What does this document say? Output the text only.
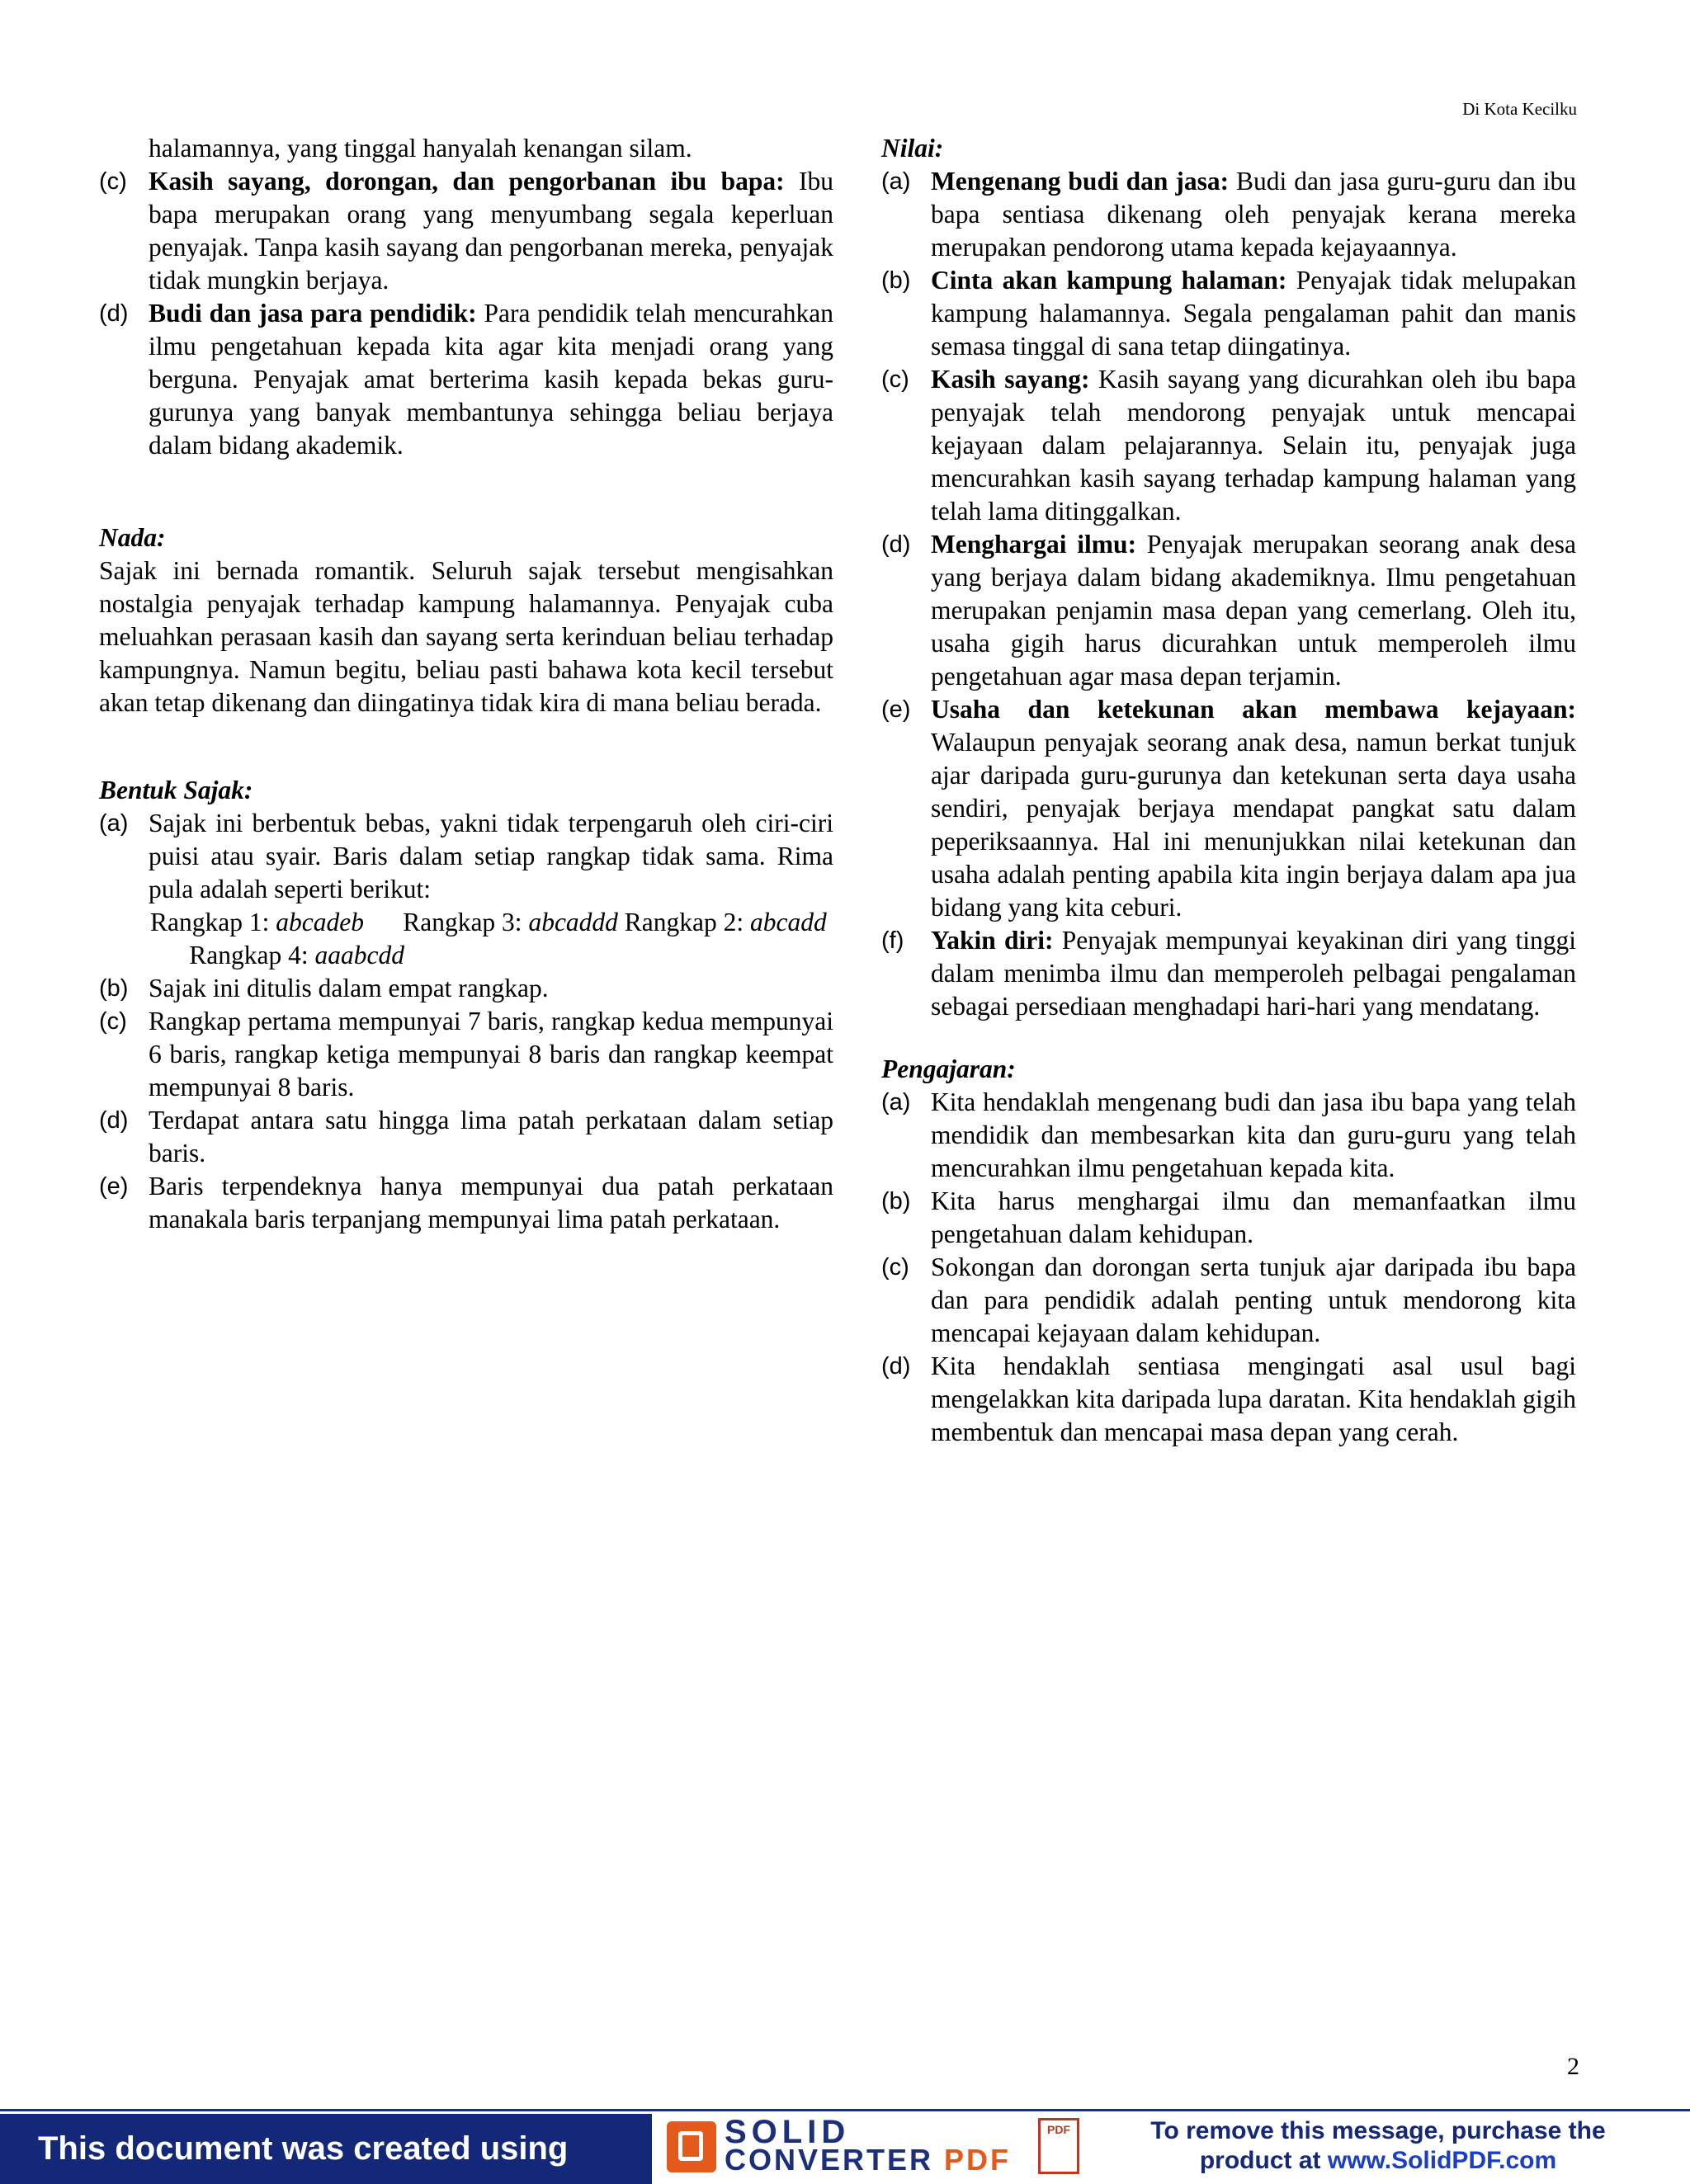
Di Kota Kecilku
halamannya, yang tinggal hanyalah kenangan silam.
(c) Kasih sayang, dorongan, dan pengorbanan ibu bapa: Ibu bapa merupakan orang yang menyumbang segala keperluan penyajak. Tanpa kasih sayang dan pengorbanan mereka, penyajak tidak mungkin berjaya.
(d) Budi dan jasa para pendidik: Para pendidik telah mencurahkan ilmu pengetahuan kepada kita agar kita menjadi orang yang berguna. Penyajak amat berterima kasih kepada bekas guru-gurunya yang banyak membantunya sehingga beliau berjaya dalam bidang akademik.
Nada:
Sajak ini bernada romantik. Seluruh sajak tersebut mengisahkan nostalgia penyajak terhadap kampung halamannya. Penyajak cuba meluahkan perasaan kasih dan sayang serta kerinduan beliau terhadap kampungnya. Namun begitu, beliau pasti bahawa kota kecil tersebut akan tetap dikenang dan diingatinya tidak kira di mana beliau berada.
Bentuk Sajak:
(a) Sajak ini berbentuk bebas, yakni tidak terpengaruh oleh ciri-ciri puisi atau syair. Baris dalam setiap rangkap tidak sama. Rima pula adalah seperti berikut:
Rangkap 1: abcadeb Rangkap 3: abcaddd Rangkap 2: abcadd       Rangkap 4: aaabcdd
(b) Sajak ini ditulis dalam empat rangkap.
(c) Rangkap pertama mempunyai 7 baris, rangkap kedua mempunyai 6 baris, rangkap ketiga mempunyai 8 baris dan rangkap keempat mempunyai 8 baris.
(d) Terdapat antara satu hingga lima patah perkataan dalam setiap baris.
(e) Baris terpendeknya hanya mempunyai dua patah perkataan manakala baris terpanjang mempunyai lima patah perkataan.
Nilai:
(a) Mengenang budi dan jasa: Budi dan jasa guru-guru dan ibu bapa sentiasa dikenang oleh penyajak kerana mereka merupakan pendorong utama kepada kejayaannya.
(b) Cinta akan kampung halaman: Penyajak tidak melupakan kampung halamannya. Segala pengalaman pahit dan manis semasa tinggal di sana tetap diingatinya.
(c) Kasih sayang: Kasih sayang yang dicurahkan oleh ibu bapa penyajak telah mendorong penyajak untuk mencapai kejayaan dalam pelajarannya. Selain itu, penyajak juga mencurahkan kasih sayang terhadap kampung halaman yang telah lama ditinggalkan.
(d) Menghargai ilmu: Penyajak merupakan seorang anak desa yang berjaya dalam bidang akademiknya. Ilmu pengetahuan merupakan penjamin masa depan yang cemerlang. Oleh itu, usaha gigih harus dicurahkan untuk memperoleh ilmu pengetahuan agar masa depan terjamin.
(e) Usaha dan ketekunan akan membawa kejayaan: Walaupun penyajak seorang anak desa, namun berkat tunjuk ajar daripada guru-gurunya dan ketekunan serta daya usaha sendiri, penyajak berjaya mendapat pangkat satu dalam peperiksaannya. Hal ini menunjukkan nilai ketekunan dan usaha adalah penting apabila kita ingin berjaya dalam apa jua bidang yang kita ceburi.
(f) Yakin diri: Penyajak mempunyai keyakinan diri yang tinggi dalam menimba ilmu dan memperoleh pelbagai pengalaman sebagai persediaan menghadapi hari-hari yang mendatang.
Pengajaran:
(a) Kita hendaklah mengenang budi dan jasa ibu bapa yang telah mendidik dan membesarkan kita dan guru-guru yang telah mencurahkan ilmu pengetahuan kepada kita.
(b) Kita harus menghargai ilmu dan memanfaatkan ilmu pengetahuan dalam kehidupan.
(c) Sokongan dan dorongan serta tunjuk ajar daripada ibu bapa dan para pendidik adalah penting untuk mendorong kita mencapai kejayaan dalam kehidupan.
(d) Kita hendaklah sentiasa mengingati asal usul bagi mengelakkan kita daripada lupa daratan. Kita hendaklah gigih membentuk dan mencapai masa depan yang cerah.
2
This document was created using	SOLID
CONVERTER PDF
PDF	To remove this message, purchase the
product at www.SolidPDF.com
